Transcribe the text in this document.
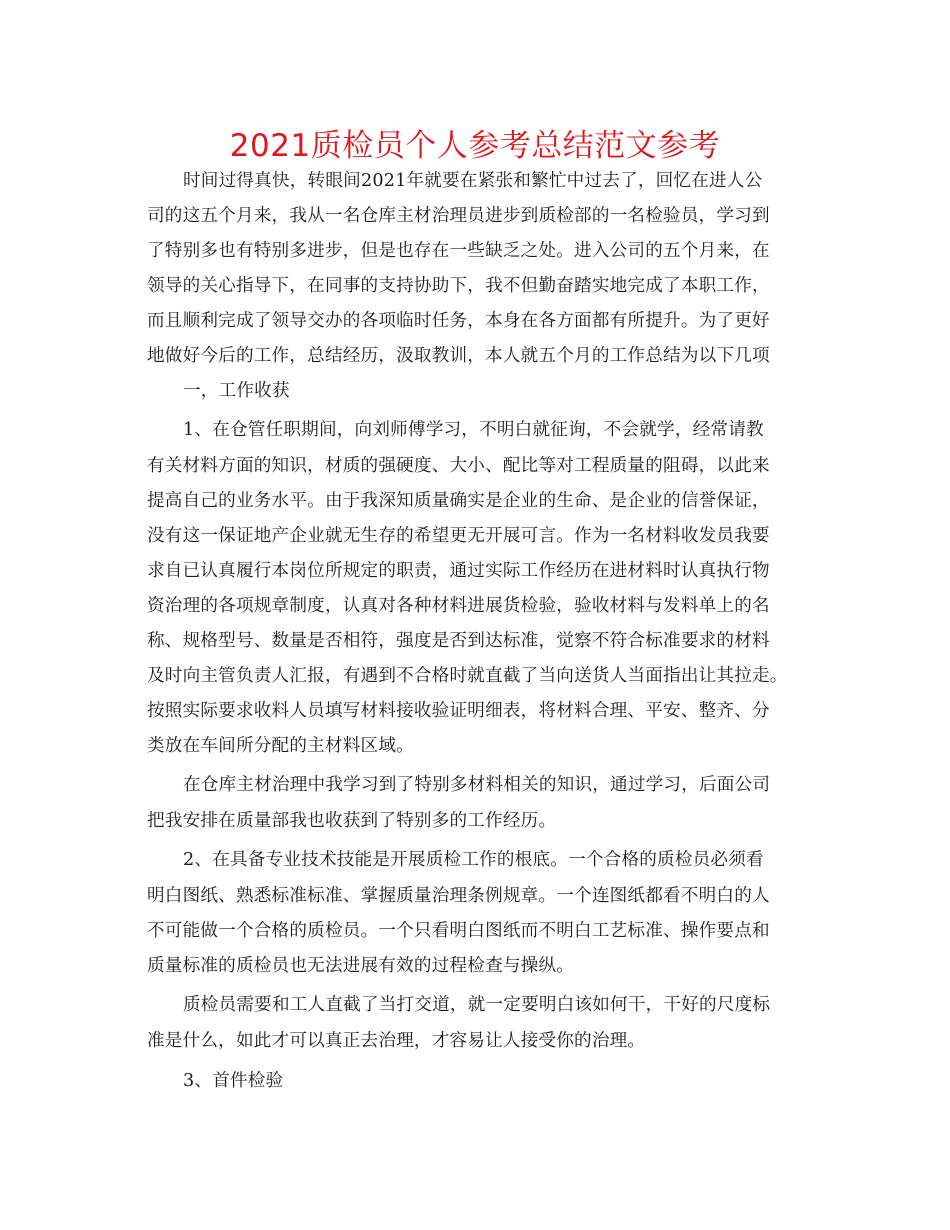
2021质检员个人参考总结范文参考
时间过得真快，转眼间2021年就要在紧张和繁忙中过去了，回忆在进人公
司的这五个月来，我从一名仓库主材治理员进步到质检部的一名检验员，学习到
了特别多也有特别多进步，但是也存在一些缺乏之处。进入公司的五个月来，在
领导的关心指导下，在同事的支持协助下，我不但勤奋踏实地完成了本职工作，
而且顺利完成了领导交办的各项临时任务，本身在各方面都有所提升。为了更好
地做好今后的工作，总结经历，汲取教训，本人就五个月的工作总结为以下几项
一，工作收获
1、在仓管任职期间，向刘师傅学习，不明白就征询，不会就学，经常请教
有关材料方面的知识，材质的强硬度、大小、配比等对工程质量的阻碍，以此来
提高自己的业务水平。由于我深知质量确实是企业的生命、是企业的信誉保证，
没有这一保证地产企业就无生存的希望更无开展可言。作为一名材料收发员我要
求自已认真履行本岗位所规定的职责，通过实际工作经历在进材料时认真执行物
资治理的各项规章制度，认真对各种材料进展货检验，验收材料与发料单上的名
称、规格型号、数量是否相符，强度是否到达标准，觉察不符合标准要求的材料
及时向主管负责人汇报，有遇到不合格时就直截了当向送货人当面指出让其拉走。
按照实际要求收料人员填写材料接收验证明细表，将材料合理、平安、整齐、分
类放在车间所分配的主材料区域。
在仓库主材治理中我学习到了特别多材料相关的知识，通过学习，后面公司
把我安排在质量部我也收获到了特别多的工作经历。
2、在具备专业技术技能是开展质检工作的根底。一个合格的质检员必须看
明白图纸、熟悉标准标准、掌握质量治理条例规章。一个连图纸都看不明白的人
不可能做一个合格的质检员。一个只看明白图纸而不明白工艺标准、操作要点和
质量标准的质检员也无法进展有效的过程检查与操纵。
质检员需要和工人直截了当打交道，就一定要明白该如何干，干好的尺度标
准是什么，如此才可以真正去治理，才容易让人接受你的治理。
3、首件检验
